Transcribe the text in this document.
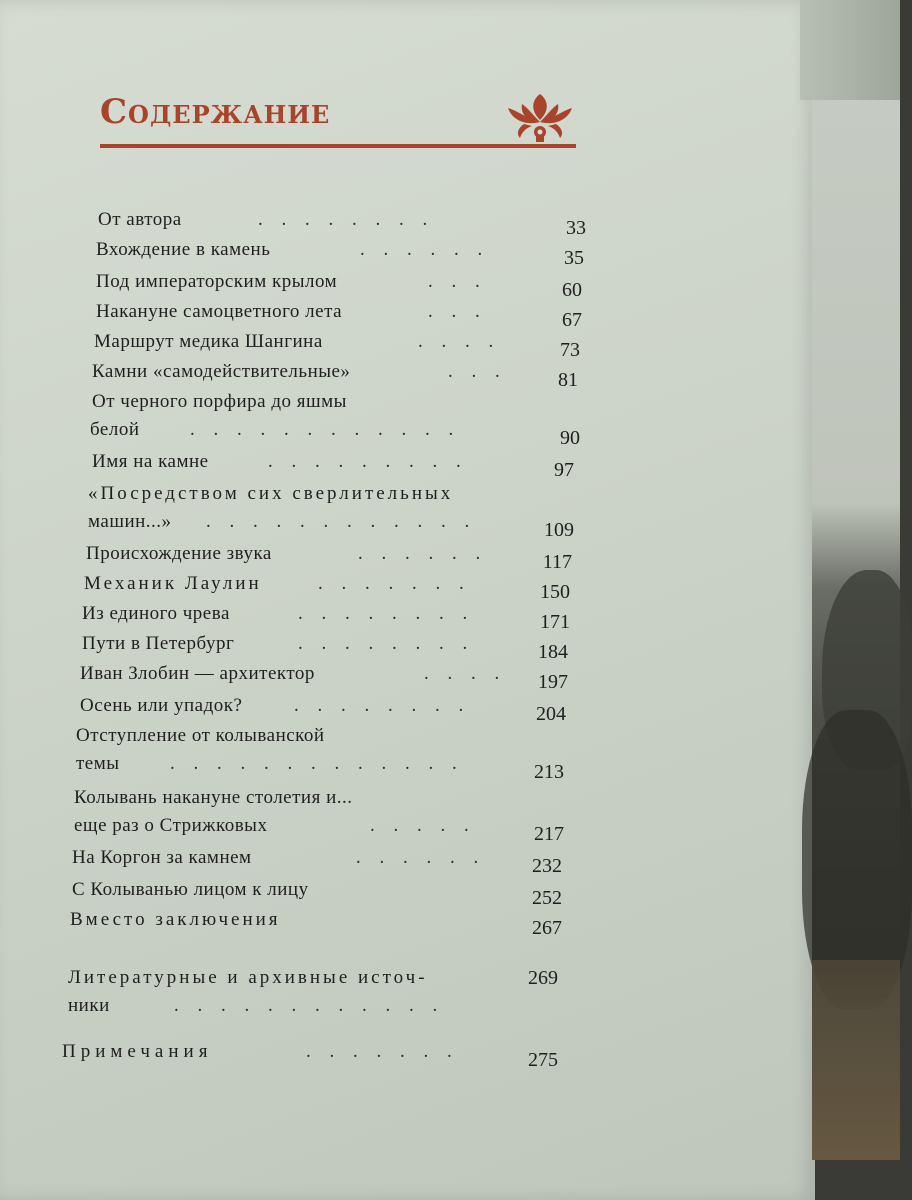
Содержание
От автора	. . . . . . . .	33
Вхождение в камень	. . . . . .	35
Под императорским крылом	. . .	60
Накануне самоцветного лета	. . .	67
Маршрут медика Шангина	. . . .	73
Камни «самодействительные»	. . .	81
От черного порфира до яшмы
белой	. . . . . . . . . . . .	90
Имя на камне	. . . . . . . . .	97
«Посредством сих сверлительных
машин...» . . . . . . . . . . . .	109
Происхождение звука	. . . . . .	117
Механик Лаулин	. . . . . . .	150
Из единого чрева	. . . . . . . .	171
Пути в Петербург	. . . . . . . .	184
Иван Злобин — архитектор	. . . .	197
Осень или упадок?	. . . . . . . .	204
Отступление от колыванской
темы	. . . . . . . . . . . . .	213
Колывань накануне столетия и...
еще раз о Стрижковых	. . . . .	217
На Коргон за камнем	. . . . . .	232
С Колыванью лицом к лицу	252
Вместо заключения	267
Литературные и архивные источ-	269
ники	. . . . . . . . . . . .
Примечания	. . . . . . .	275
